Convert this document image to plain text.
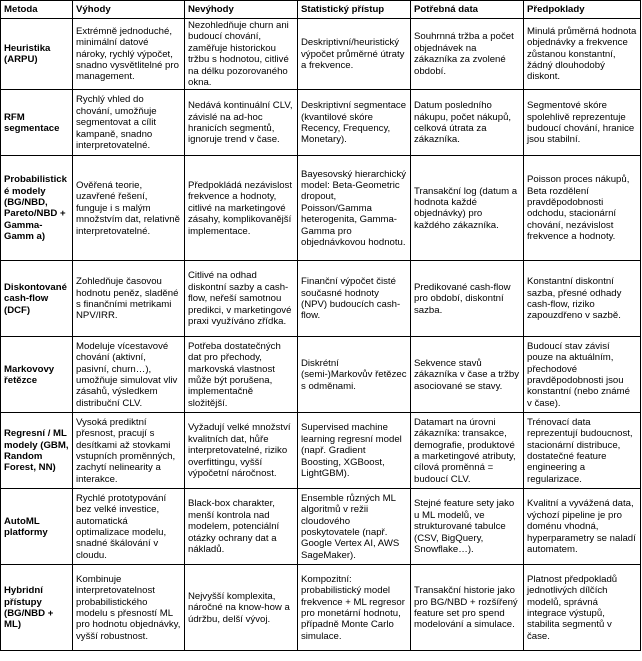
Metoda	Výhody	Nevýhody	Statistický přístup	Potřebná data	Předpoklady
Heuristika (ARPU)	Extrémně jednoduché, minimální datové nároky, rychlý výpočet, snadno vysvětlitelné pro management.	Nezohledňuje churn ani budoucí chování, zaměřuje historickou tržbu s hodnotou, citlivé na délku pozorovaného okna.	Deskriptivní/heuristický výpočet průměrné útraty a frekvence.	Souhrnná tržba a počet objednávek na zákazníka za zvolené období.	Minulá průměrná hodnota objednávky a frekvence zůstanou konstantní, žádný dlouhodobý diskont.
RFM segmentace	Rychlý vhled do chování, umožňuje segmentovat a cílit kampaně, snadno interpretovatelné.	Nedává kontinuální CLV, závislé na ad-hoc hranicích segmentů, ignoruje trend v čase.	Deskriptivní segmentace (kvantilové skóre Recency, Frequency, Monetary).	Datum posledního nákupu, počet nákupů, celková útrata za zákazníka.	Segmentové skóre spolehlivě reprezentuje budoucí chování, hranice jsou stabilní.
Probabilistické modely (BG/NBD, Pareto/NBD + Gamma-Gamm a)	Ověřená teorie, uzavřené řešení, funguje i s malým množstvím dat, relativně interpretovatelné.	Předpokládá nezávislost frekvence a hodnoty, citlivé na marketingové zásahy, komplikovanější implementace.	Bayesovský hierarchický model: Beta-Geometric dropout, Poisson/Gamma heterogenita, Gamma-Gamma pro objednávkovou hodnotu.	Transakční log (datum a hodnota každé objednávky) pro každého zákazníka.	Poisson proces nákupů, Beta rozdělení pravděpodobnosti odchodu, stacionární chování, nezávislost frekvence a hodnoty.
Diskontované cash-flow (DCF)	Zohledňuje časovou hodnotu peněz, sladěné s finančními metrikami NPV/IRR.	Citlivé na odhad diskontní sazby a cash-flow, neřeší samotnou predikci, v marketingové praxi využíváno zřídka.	Finanční výpočet čisté současné hodnoty (NPV) budoucích cash-flow.	Predikované cash-flow pro období, diskontní sazba.	Konstantní diskontní sazba, přesné odhady cash-flow, riziko zapouzdřeno v sazbě.
Markovovy řetězce	Modeluje vícestavové chování (aktivní, pasivní, churn…), umožňuje simulovat vliv zásahů, výsledkem distribuční CLV.	Potřeba dostatečných dat pro přechody, markovská vlastnost může být porušena, implementačně složitější.	Diskrétní (semi-)Markovův řetězec s odměnami.	Sekvence stavů zákazníka v čase a tržby asociované se stavy.	Budoucí stav závisí pouze na aktuálním, přechodové pravděpodobnosti jsou konstantní (nebo známé v čase).
Regresní / ML modely (GBM, Random Forest, NN)	Vysoká prediktní přesnost, pracují s desítkami až stovkami vstupních proměnných, zachytí nelinearity a interakce.	Vyžadují velké množství kvalitních dat, hůře interpretovatelné, riziko overfittingu, vyšší výpočetní náročnost.	Supervised machine learning regresní model (např. Gradient Boosting, XGBoost, LightGBM).	Datamart na úrovni zákazníka: transakce, demografie, produktové a marketingové atributy, cílová proměnná = budoucí CLV.	Trénovací data reprezentují budoucnost, stacionární distribuce, dostatečné feature engineering a regularizace.
AutoML platformy	Rychlé prototypování bez velké investice, automatická optimalizace modelu, snadné škálování v cloudu.	Black-box charakter, menší kontrola nad modelem, potenciální otázky ochrany dat a nákladů.	Ensemble různých ML algoritmů v režii cloudového poskytovatele (např. Google Vertex AI, AWS SageMaker).	Stejné feature sety jako u ML modelů, ve strukturované tabulce (CSV, BigQuery, Snowflake…).	Kvalitní a vyvážená data, výchozí pipeline je pro doménu vhodná, hyperparametry se naladí automatem.
Hybridní přístupy (BG/NBD + ML)	Kombinuje interpretovatelnost probabilistického modelu s přesností ML pro hodnotu objednávky, vyšší robustnost.	Nejvyšší komplexita, náročné na know-how a údržbu, delší vývoj.	Kompozitní: probabilistický model frekvence + ML regresor pro monetární hodnotu, případně Monte Carlo simulace.	Transakční historie jako pro BG/NBD + rozšířený feature set pro spend modelování a simulace.	Platnost předpokladů jednotlivých dílčích modelů, správná integrace výstupů, stabilita segmentů v čase.
